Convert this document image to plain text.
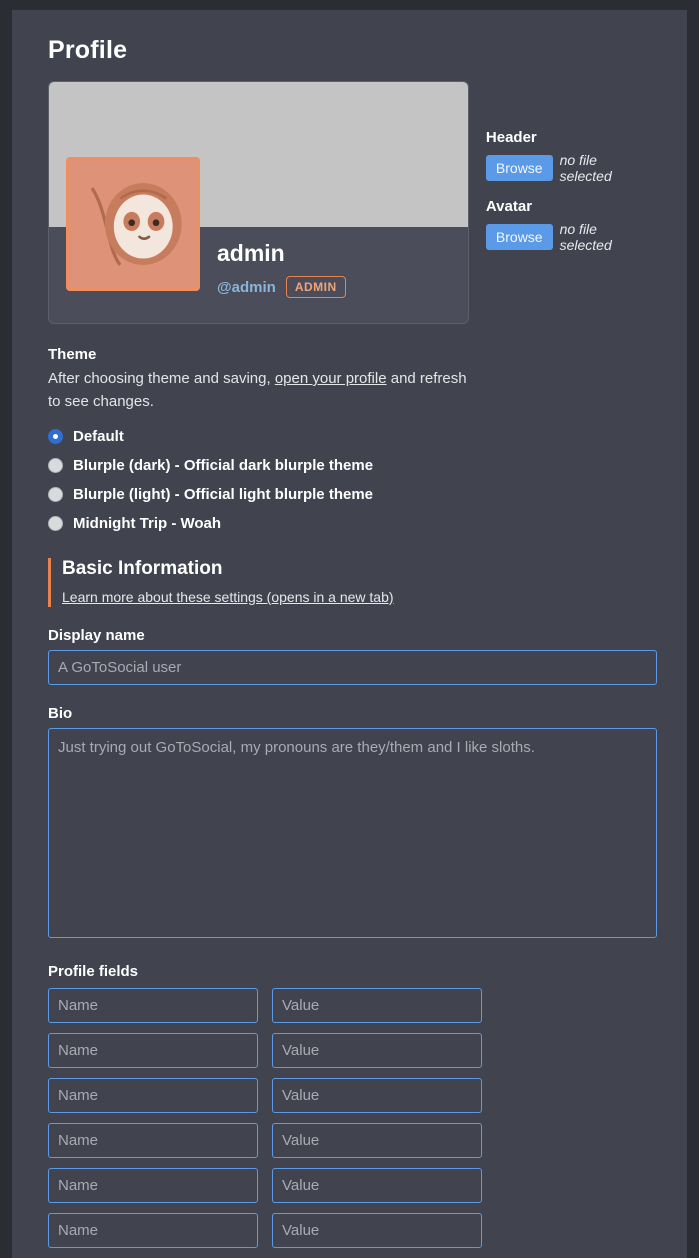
Profile
admin
@admin	ADMIN
Header
Browse	no file selected
Avatar
Browse	no file selected
Theme
After choosing theme and saving, open your profile and refresh to see changes.
Default
Blurple (dark) - Official dark blurple theme
Blurple (light) - Official light blurple theme
Midnight Trip - Woah
Basic Information
Learn more about these settings (opens in a new tab)
Display name
A GoToSocial user
Bio
Just trying out GoToSocial, my pronouns are they/them and I like sloths.
Profile fields
Name
Value
Name
Value
Name
Value
Name
Value
Name
Value
Name
Value
